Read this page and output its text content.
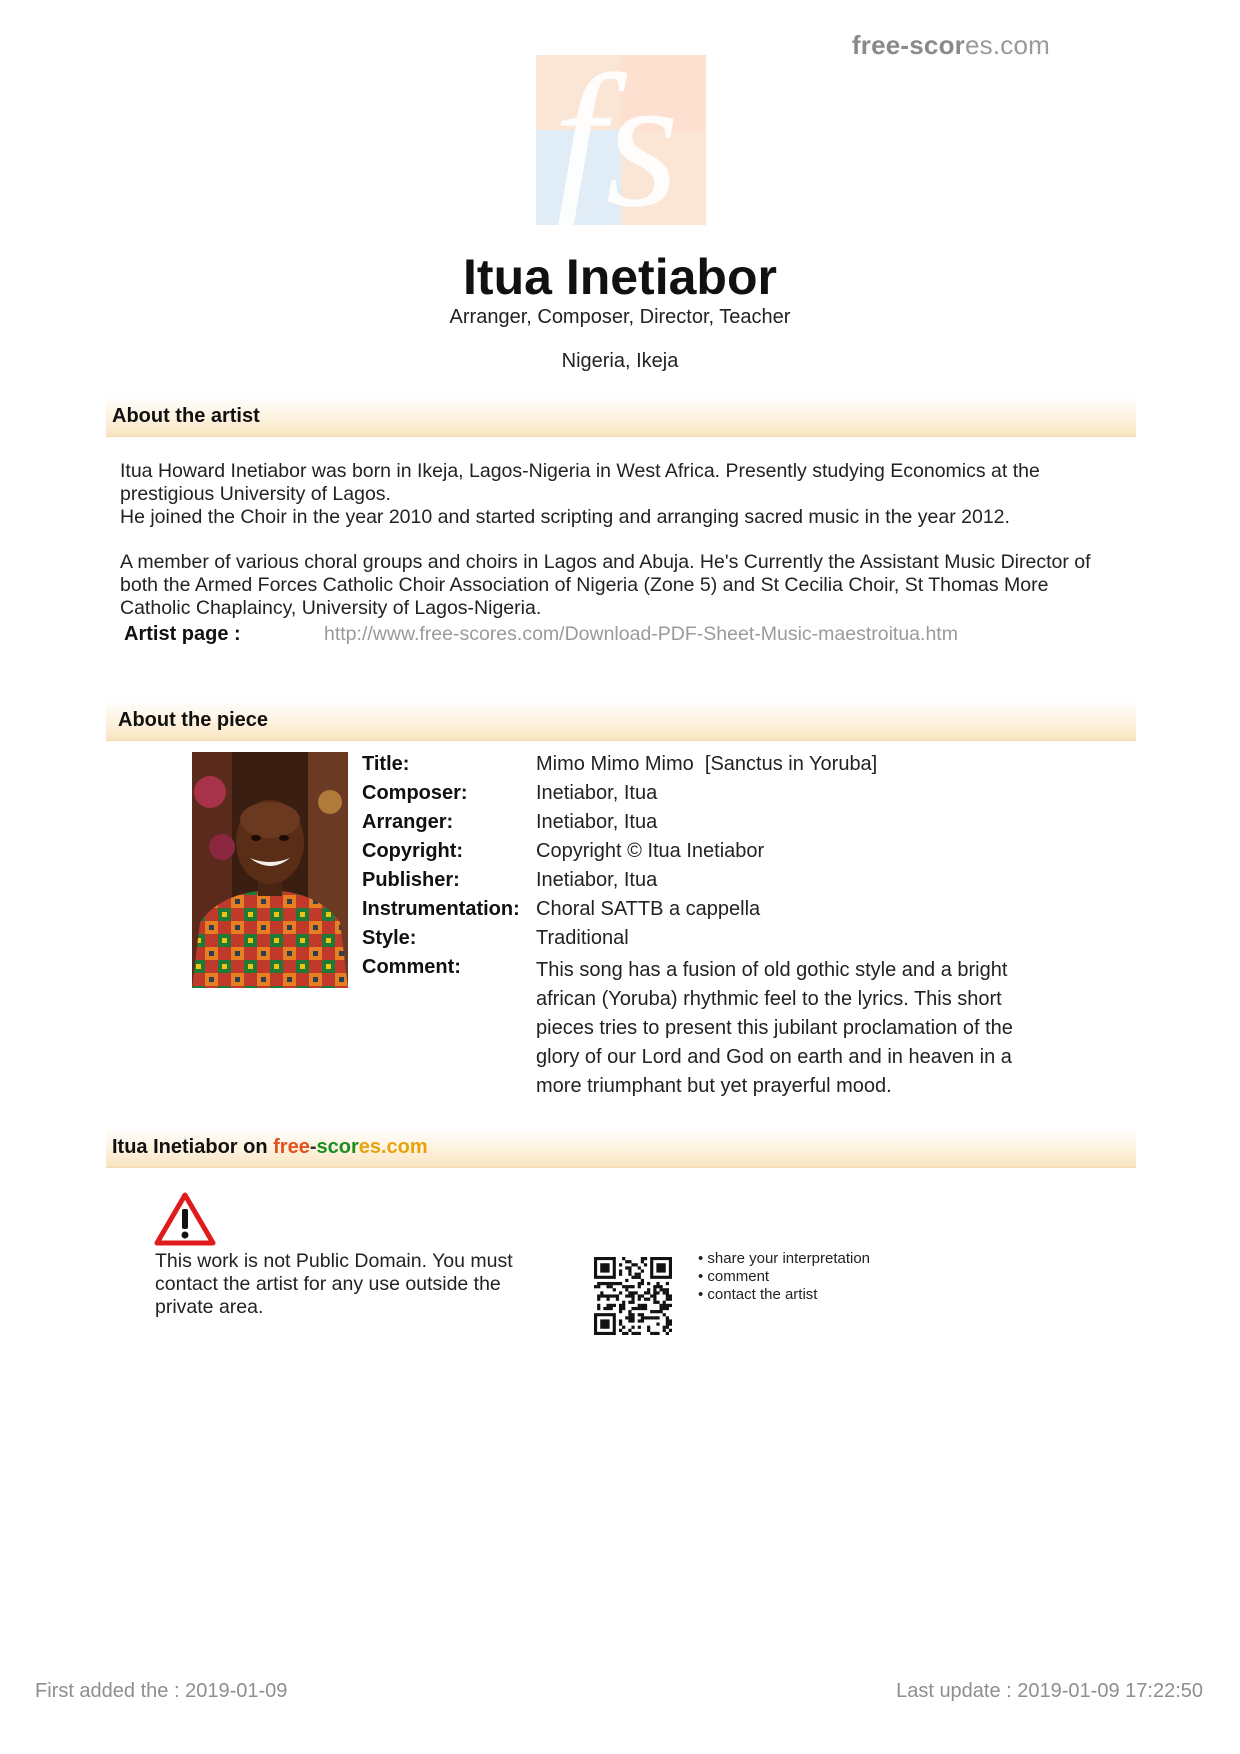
free-scores.com
fs
Itua Inetiabor
Arranger, Composer, Director, Teacher
Nigeria, Ikeja
About the artist

Itua Howard Inetiabor was born in Ikeja, Lagos-Nigeria in West Africa. Presently studying Economics at the prestigious University of Lagos.
He joined the Choir in the year 2010 and started scripting and arranging sacred music in the year 2012.

A member of various choral groups and choirs in Lagos and Abuja. He's Currently the Assistant Music Director of both the Armed Forces Catholic Choir Association of Nigeria (Zone 5) and St Cecilia Choir, St Thomas More Catholic Chaplaincy, University of Lagos-Nigeria.

Artist page :	http://www.free-scores.com/Download-PDF-Sheet-Music-maestroitua.htm
About the piece
Title:	Mimo Mimo Mimo  [Sanctus in Yoruba]
Composer:	Inetiabor, Itua
Arranger:	Inetiabor, Itua
Copyright:	Copyright © Itua Inetiabor
Publisher:	Inetiabor, Itua
Instrumentation:	Choral SATTB a cappella
Style:	Traditional
Comment:	This song has a fusion of old gothic style and a bright african (Yoruba) rhythmic feel to the lyrics. This short pieces tries to present this jubilant proclamation of the glory of our Lord and God on earth and in heaven in a more triumphant but yet prayerful mood.
Itua Inetiabor on free-scores.com
This work is not Public Domain. You must contact the artist for any use outside the private area.
• share your interpretation
• comment
• contact the artist
First added the : 2019-01-09	Last update : 2019-01-09 17:22:50
